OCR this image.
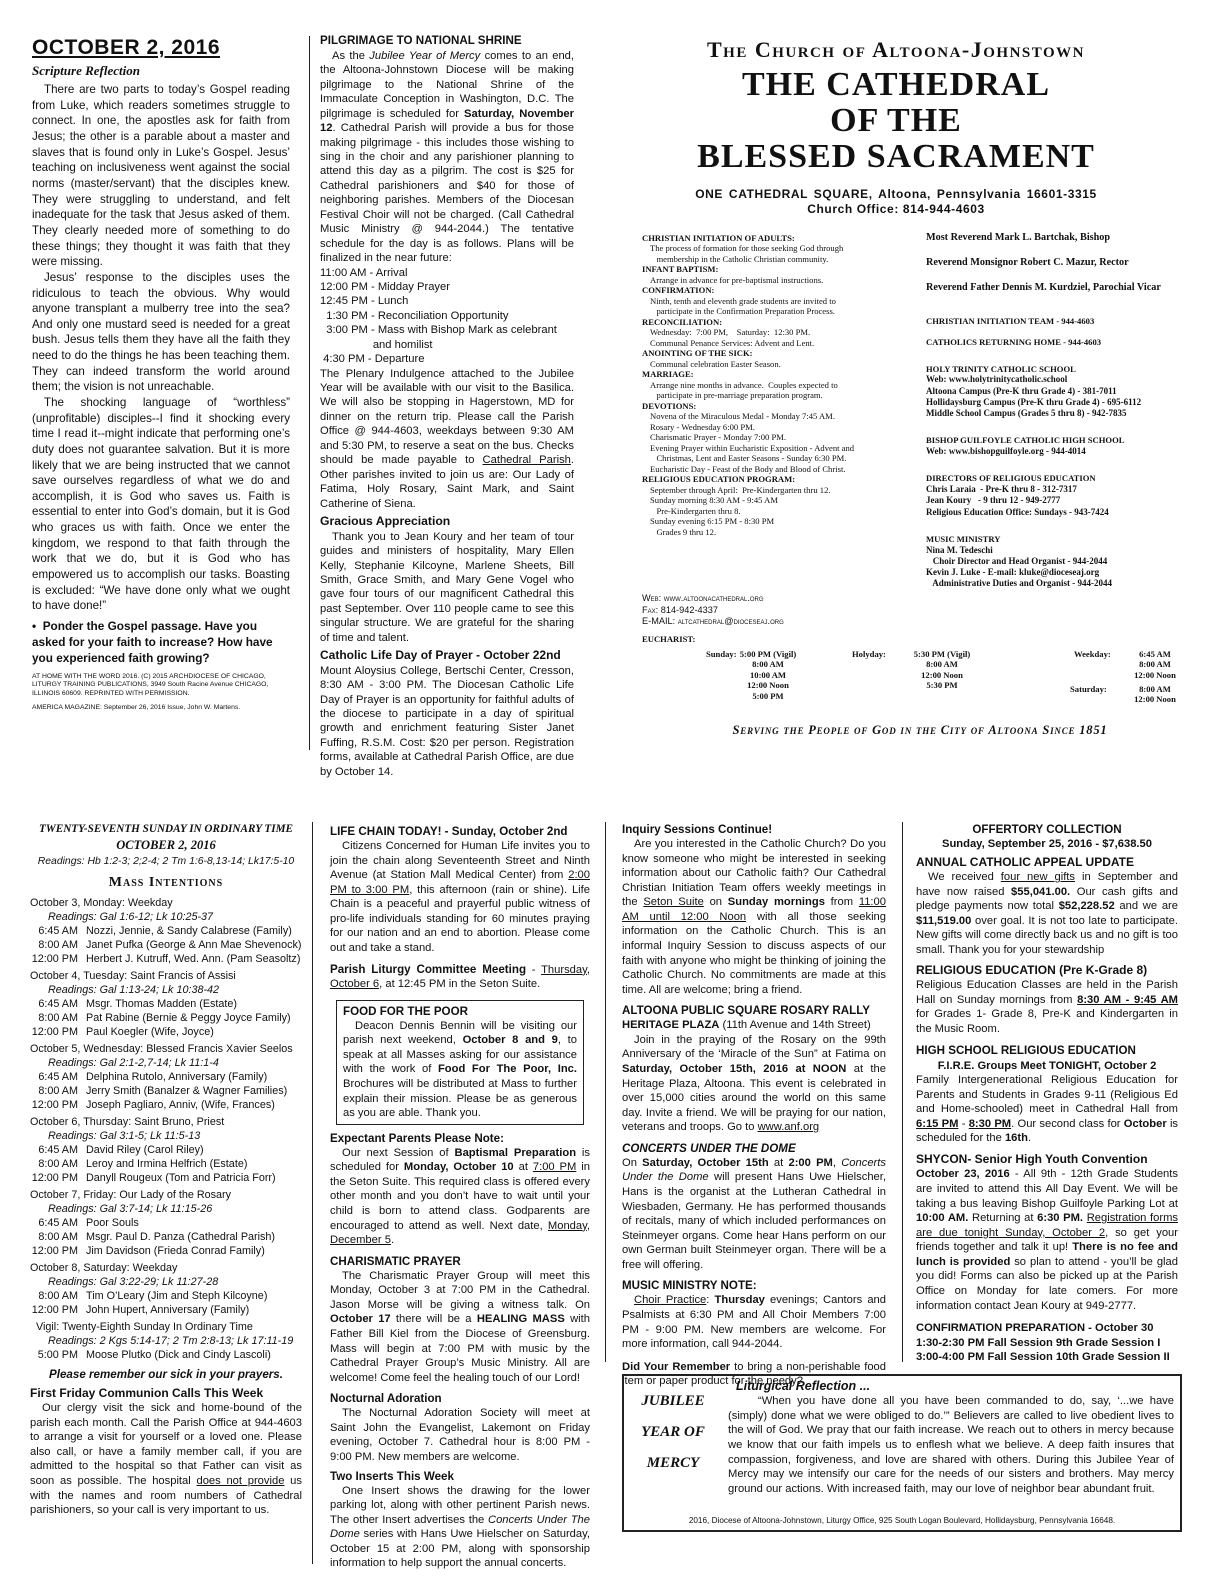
OCTOBER 2, 2016
Scripture Reflection

There are two parts to today’s Gospel reading from Luke, which readers sometimes struggle to connect. In one, the apostles ask for faith from Jesus; the other is a parable about a master and slaves that is found only in Luke’s Gospel. Jesus’ teaching on inclusiveness went against the social norms (master/servant) that the disciples knew. They were struggling to understand, and felt inadequate for the task that Jesus asked of them. They clearly needed more of something to do these things; they thought it was faith that they were missing.

Jesus’ response to the disciples uses the ridiculous to teach the obvious. Why would anyone transplant a mulberry tree into the sea? And only one mustard seed is needed for a great bush. Jesus tells them they have all the faith they need to do the things he has been teaching them. They can indeed transform the world around them; the vision is not unreachable.

The shocking language of “worthless” (unprofitable) disciples--I find it shocking every time I read it--might indicate that performing one’s duty does not guarantee salvation. But it is more likely that we are being instructed that we cannot save ourselves regardless of what we do and accomplish, it is God who saves us. Faith is essential to enter into God’s domain, but it is God who graces us with faith. Once we enter the kingdom, we respond to that faith through the work that we do, but it is God who has empowered us to accomplish our tasks. Boasting is excluded: “We have done only what we ought to have done!”

•  Ponder the Gospel passage. Have you asked for your faith to increase? How have you experienced faith growing?
AT HOME WITH THE WORD 2016. (C) 2015 ARCHDIOCESE OF CHICAGO, LITURGY TRAINING PUBLICATIONS, 3949 South Racine Avenue CHICAGO, ILLINOIS 60609. REPRINTED WITH PERMISSION.
AMERICA MAGAZINE: September 26, 2016 Issue, John W. Martens.
PILGRIMAGE TO NATIONAL SHRINE

As the Jubilee Year of Mercy comes to an end, the Altoona-Johnstown Diocese will be making pilgrimage to the National Shrine of the Immaculate Conception in Washington, D.C. The pilgrimage is scheduled for Saturday, November 12. Cathedral Parish will provide a bus for those making pilgrimage - this includes those wishing to sing in the choir and any parishioner planning to attend this day as a pilgrim. The cost is $25 for Cathedral parishioners and $40 for those of neighboring parishes. Members of the Diocesan Festival Choir will not be charged. (Call Cathedral Music Ministry @ 944-2044.) The tentative schedule for the day is as follows. Plans will be finalized in the near future:

11:00 AM - Arrival
12:00 PM - Midday Prayer
12:45 PM - Lunch
1:30 PM - Reconciliation Opportunity
3:00 PM - Mass with Bishop Mark as celebrant
and homilist
4:30 PM - Departure

The Plenary Indulgence attached to the Jubilee Year will be available with our visit to the Basilica. We will also be stopping in Hagerstown, MD for dinner on the return trip. Please call the Parish Office @ 944-4603, weekdays between 9:30 AM and 5:30 PM, to reserve a seat on the bus. Checks should be made payable to Cathedral Parish. Other parishes invited to join us are: Our Lady of Fatima, Holy Rosary, Saint Mark, and Saint Catherine of Siena.

Gracious Appreciation

Thank you to Jean Koury and her team of tour guides and ministers of hospitality, Mary Ellen Kelly, Stephanie Kilcoyne, Marlene Sheets, Bill Smith, Grace Smith, and Mary Gene Vogel who gave four tours of our magnificent Cathedral this past September. Over 110 people came to see this singular structure. We are grateful for the sharing of time and talent.

Catholic Life Day of Prayer - October 22nd

Mount Aloysius College, Bertschi Center, Cresson, 8:30 AM - 3:00 PM. The Diocesan Catholic Life Day of Prayer is an opportunity for faithful adults of the diocese to participate in a day of spiritual growth and enrichment featuring Sister Janet Fuffing, R.S.M. Cost: $20 per person. Registration forms, available at Cathedral Parish Office, are due by October 14.

The Church of Altoona-Johnstown
THE CATHEDRAL
OF THE
BLESSED SACRAMENT
ONE CATHEDRAL SQUARE, Altoona, Pennsylvania 16601-3315
Church Office: 814-944-4603
CHRISTIAN INITIATION OF ADULTS:
The process of formation for those seeking God through
membership in the Catholic Christian community.
INFANT BAPTISM:
Arrange in advance for pre-baptismal instructions.
CONFIRMATION:
Ninth, tenth and eleventh grade students are invited to
participate in the Confirmation Preparation Process.
RECONCILIATION:
Wednesday:  7:00 PM,    Saturday:  12:30 PM.
Communal Penance Services: Advent and Lent.
ANOINTING OF THE SICK:
Communal celebration Easter Season.
MARRIAGE:
Arrange nine months in advance.  Couples expected to
participate in pre-marriage preparation program.
DEVOTIONS:
Novena of the Miraculous Medal - Monday 7:45 AM.
Rosary - Wednesday 6:00 PM.
Charismatic Prayer - Monday 7:00 PM.
Evening Prayer within Eucharistic Exposition - Advent and
Christmas, Lent and Easter Seasons - Sunday 6:30 PM.
Eucharistic Day - Feast of the Body and Blood of Christ.
RELIGIOUS EDUCATION PROGRAM:
September through April:  Pre-Kindergarten thru 12.
Sunday morning 8:30 AM - 9:45 AM
Pre-Kindergarten thru 8.
Sunday evening 6:15 PM - 8:30 PM
Grades 9 thru 12.
Web: www.altoonacathedral.org
Fax: 814-942-4337
E-MAIL: altcathedral@dioceseaj.org
Most Reverend Mark L. Bartchak, Bishop
Reverend Monsignor Robert C. Mazur, Rector
Reverend Father Dennis M. Kurdziel, Parochial Vicar
CHRISTIAN INITIATION TEAM - 944-4603
CATHOLICS RETURNING HOME - 944-4603
HOLY TRINITY CATHOLIC SCHOOL
Web: www.holytrinitycatholic.school
Altoona Campus (Pre-K thru Grade 4) - 381-7011
Hollidaysburg Campus (Pre-K thru Grade 4) - 695-6112
Middle School Campus (Grades 5 thru 8) - 942-7835
BISHOP GUILFOYLE CATHOLIC HIGH SCHOOL
Web: www.bishopguilfoyle.org - 944-4014
DIRECTORS OF RELIGIOUS EDUCATION
Chris Laraia  - Pre-K thru 8 - 312-7317
Jean Koury   - 9 thru 12 - 949-2777
Religious Education Office: Sundays - 943-7424
MUSIC MINISTRY
Nina M. Tedeschi
Choir Director and Head Organist - 944-2044
Kevin J. Luke - E-mail: kluke@dioceseaj.org
Administrative Duties and Organist - 944-2044
EUCHARIST:
Sunday: 5:00 PM (Vigil)
8:00 AM
10:00 AM
12:00 Noon
5:00 PM
Holyday:	5:30 PM (Vigil)
8:00 AM
12:00 Noon
5:30 PM
Weekday:	6:45 AM
8:00 AM
12:00 Noon
Saturday:	8:00 AM
12:00 Noon
Serving the People of God in the City of Altoona Since 1851
TWENTY-SEVENTH SUNDAY IN ORDINARY TIME
OCTOBER 2, 2016
Readings: Hb 1:2-3; 2;2-4; 2 Tm 1:6-8,13-14; Lk17:5-10
Mass Intentions
October 3, Monday: Weekday
Readings: Gal 1:6-12; Lk 10:25-37
6:45 AM Nozzi, Jennie, & Sandy Calabrese (Family)
8:00 AM Janet Pufka (George & Ann Mae Shevenock)
12:00 PM Herbert J. Kutruff, Wed. Ann. (Pam Seasoltz)
October 4, Tuesday: Saint Francis of Assisi
Readings: Gal 1:13-24; Lk 10:38-42
6:45 AM Msgr. Thomas Madden (Estate)
8:00 AM Pat Rabine (Bernie & Peggy Joyce Family)
12:00 PM Paul Koegler (Wife, Joyce)
October 5, Wednesday: Blessed Francis Xavier Seelos
Readings: Gal 2:1-2,7-14; Lk 11:1-4
6:45 AM Delphina Rutolo, Anniversary (Family)
8:00 AM Jerry Smith (Banalzer & Wagner Families)
12:00 PM Joseph Pagliaro, Anniv, (Wife, Frances)
October 6, Thursday: Saint Bruno, Priest
Readings: Gal 3:1-5; Lk 11:5-13
6:45 AM David Riley (Carol Riley)
8:00 AM Leroy and Irmina Helfrich (Estate)
12:00 PM Danyll Rougeux (Tom and Patricia Forr)
October 7, Friday: Our Lady of the Rosary
Readings: Gal 3:7-14; Lk 11:15-26
6:45 AM Poor Souls
8:00 AM Msgr. Paul D. Panza (Cathedral Parish)
12:00 PM Jim Davidson (Frieda Conrad Family)
October 8, Saturday: Weekday
Readings: Gal 3:22-29; Lk 11:27-28
8:00 AM Tim O’Leary (Jim and Steph Kilcoyne)
12:00 PM John Hupert, Anniversary (Family)
Vigil: Twenty-Eighth Sunday In Ordinary Time
Readings: 2 Kgs 5:14-17; 2 Tm 2:8-13; Lk 17:11-19
5:00 PM Moose Plutko (Dick and Cindy Lascoli)
Please remember our sick in your prayers.
First Friday Communion Calls This Week

Our clergy visit the sick and home-bound of the parish each month. Call the Parish Office at 944-4603 to arrange a visit for yourself or a loved one. Please also call, or have a family member call, if you are admitted to the hospital so that Father can visit as soon as possible. The hospital does not provide us with the names and room numbers of Cathedral parishioners, so your call is very important to us.

LIFE CHAIN TODAY! - Sunday, October 2nd

Citizens Concerned for Human Life invites you to join the chain along Seventeenth Street and Ninth Avenue (at Station Mall Medical Center) from 2:00 PM to 3:00 PM, this afternoon (rain or shine). Life Chain is a peaceful and prayerful public witness of pro-life individuals standing for 60 minutes praying for our nation and an end to abortion. Please come out and take a stand.

Parish Liturgy Committee Meeting - Thursday, October 6, at 12:45 PM in the Seton Suite.

FOOD FOR THE POOR

Deacon Dennis Bennin will be visiting our parish next weekend, October 8 and 9, to speak at all Masses asking for our assistance with the work of Food For The Poor, Inc. Brochures will be distributed at Mass to further explain their mission. Please be as generous as you are able. Thank you.

Expectant Parents Please Note:

Our next Session of Baptismal Preparation is scheduled for Monday, October 10 at 7:00 PM in the Seton Suite. This required class is offered every other month and you don’t have to wait until your child is born to attend class. Godparents are encouraged to attend as well. Next date, Monday, December 5.

CHARISMATIC PRAYER

The Charismatic Prayer Group will meet this Monday, October 3 at 7:00 PM in the Cathedral. Jason Morse will be giving a witness talk. On October 17 there will be a HEALING MASS with Father Bill Kiel from the Diocese of Greensburg. Mass will begin at 7:00 PM with music by the Cathedral Prayer Group’s Music Ministry. All are welcome! Come feel the healing touch of our Lord!

Nocturnal Adoration

The Nocturnal Adoration Society will meet at Saint John the Evangelist, Lakemont on Friday evening, October 7. Cathedral hour is 8:00 PM - 9:00 PM. New members are welcome.

Two Inserts This Week

One Insert shows the drawing for the lower parking lot, along with other pertinent Parish news. The other Insert advertises the Concerts Under The Dome series with Hans Uwe Hielscher on Saturday, October 15 at 2:00 PM, along with sponsorship information to help support the annual concerts.

Inquiry Sessions Continue!

Are you interested in the Catholic Church? Do you know someone who might be interested in seeking information about our Catholic faith? Our Cathedral Christian Initiation Team offers weekly meetings in the Seton Suite on Sunday mornings from 11:00 AM until 12:00 Noon with all those seeking information on the Catholic Church. This is an informal Inquiry Session to discuss aspects of our faith with anyone who might be thinking of joining the Catholic Church. No commitments are made at this time. All are welcome; bring a friend.

ALTOONA PUBLIC SQUARE ROSARY RALLY
HERITAGE PLAZA (11th Avenue and 14th Street)

Join in the praying of the Rosary on the 99th Anniversary of the ‘Miracle of the Sun” at Fatima on Saturday, October 15th, 2016 at NOON at the Heritage Plaza, Altoona. This event is celebrated in over 15,000 cities around the world on this same day. Invite a friend. We will be praying for our nation, veterans and troops. Go to www.anf.org

CONCERTS UNDER THE DOME

On Saturday, October 15th at 2:00 PM, Concerts Under the Dome will present Hans Uwe Hielscher, Hans is the organist at the Lutheran Cathedral in Wiesbaden, Germany. He has performed thousands of recitals, many of which included performances on Steinmeyer organs. Come hear Hans perform on our own German built Steinmeyer organ. There will be a free will offering.

MUSIC MINISTRY NOTE:

Choir Practice: Thursday evenings; Cantors and Psalmists at 6:30 PM and All Choir Members 7:00 PM - 9:00 PM. New members are welcome. For more information, call 944-2044.

Did Your Remember to bring a non-perishable food item or paper product for the needy?

OFFERTORY COLLECTION
Sunday, September 25, 2016 - $7,638.50
ANNUAL CATHOLIC APPEAL UPDATE

We received four new gifts in September and have now raised $55,041.00. Our cash gifts and pledge payments now total $52,228.52 and we are $11,519.00 over goal. It is not too late to participate. New gifts will come directly back us and no gift is too small. Thank you for your stewardship

RELIGIOUS EDUCATION (Pre K-Grade 8)

Religious Education Classes are held in the Parish Hall on Sunday mornings from 8:30 AM - 9:45 AM for Grades 1- Grade 8, Pre-K and Kindergarten in the Music Room.

HIGH SCHOOL RELIGIOUS EDUCATION
F.I.R.E. Groups Meet TONIGHT, October 2

Family Intergenerational Religious Education for Parents and Students in Grades 9-11 (Religious Ed and Home-schooled) meet in Cathedral Hall from 6:15 PM - 8:30 PM. Our second class for October is scheduled for the 16th.

SHYCON- Senior High Youth Convention

October 23, 2016 - All 9th - 12th Grade Students are invited to attend this All Day Event. We will be taking a bus leaving Bishop Guilfoyle Parking Lot at 10:00 AM. Returning at 6:30 PM. Registration forms are due tonight Sunday, October 2, so get your friends together and talk it up! There is no fee and lunch is provided so plan to attend - you’ll be glad you did! Forms can also be picked up at the Parish Office on Monday for late comers. For more information contact Jean Koury at 949-2777.

CONFIRMATION PREPARATION - October 30
1:30-2:30 PM Fall Session 9th Grade Session I
3:00-4:00 PM Fall Session 10th Grade Session II
JUBILEE
YEAR OF
MERCY
Liturgical Reflection ...

“When you have done all you have been commanded to do, say, ‘...we have (simply) done what we were obliged to do.’” Believers are called to live obedient lives to the will of God. We pray that our faith increase. We reach out to others in mercy because we know that our faith impels us to enflesh what we believe. A deep faith insures that compassion, forgiveness, and love are shared with others. During this Jubilee Year of Mercy may we intensify our care for the needs of our sisters and brothers. May mercy ground our actions. With increased faith, may our love of neighbor bear abundant fruit.

2016, Diocese of Altoona-Johnstown, Liturgy Office, 925 South Logan Boulevard, Hollidaysburg, Pennsylvania 16648.
